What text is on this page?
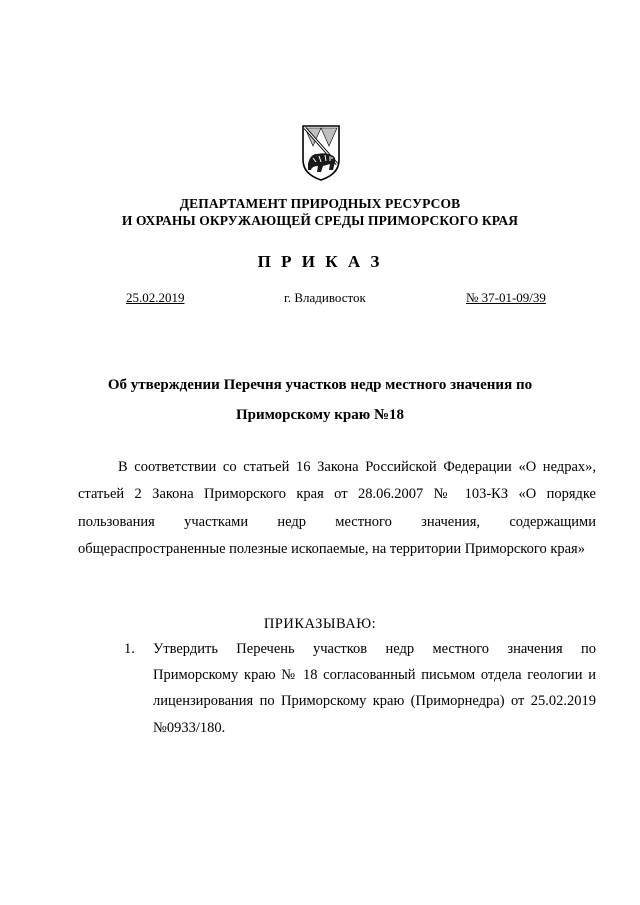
ДЕПАРТАМЕНТ ПРИРОДНЫХ РЕСУРСОВ
И ОХРАНЫ ОКРУЖАЮЩЕЙ СРЕДЫ ПРИМОРСКОГО КРАЯ
П Р И К А З
25.02.2019	г. Владивосток	№ 37-01-09/39
Об утверждении Перечня участков недр местного значения по Приморскому краю №18
В соответствии со статьей 16 Закона Российской Федерации «О недрах», статьей 2 Закона Приморского края от 28.06.2007 № 103-КЗ «О порядке пользования участками недр местного значения, содержащими общераспространенные полезные ископаемые, на территории Приморского края»
ПРИКАЗЫВАЮ:
1. Утвердить Перечень участков недр местного значения по Приморскому краю № 18 согласованный письмом отдела геологии и лицензирования по Приморскому краю (Приморнедра) от 25.02.2019 №0933/180.
